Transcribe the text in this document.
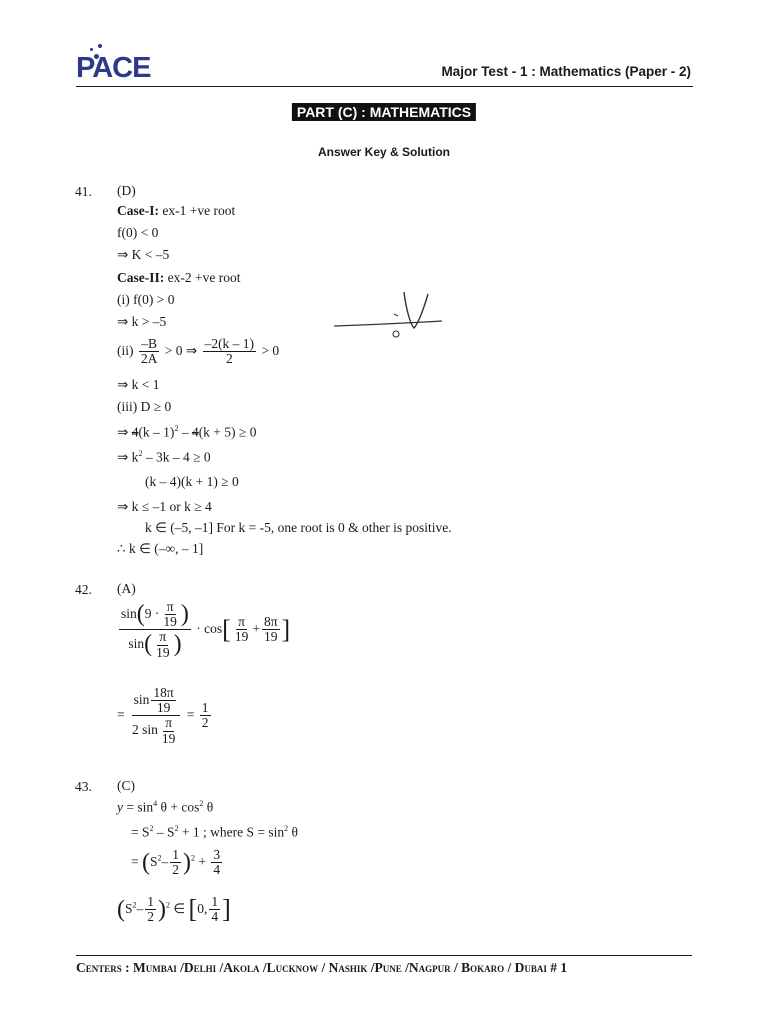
PACE	Major Test - 1 : Mathematics (Paper - 2)
PART (C) : MATHEMATICS
Answer Key & Solution
41. (D)
Case-I: ex-1 +ve root
f(0) < 0
⇒ K < –5
Case-II: ex-2 +ve root
(i) f(0) > 0
⇒ k > –5
$(ii) \frac{-B}{2A} > 0$ ⇒ $\frac{-2(k - 1)}{2} > 0$
⇒ k < 1
(iii) D ≥ 0
⇒ 4(k – 1)$^2$ – 4(k + 5) ≥ 0
⇒ $k^2 - 3k - 4 \ge 0$
(k – 4)(k + 1) ≥ 0
⇒ k ≤ –1 or k ≥ 4
k ∈ (–5, –1] For k = -5, one root is 0 & other is positive.
∴ k ∈ (–∞, – 1]
42. (A)
$\frac{\sin(9 \cdot \frac{\pi}{19} )}{\sin( \frac{\pi}{19} )} \cdot \cos[ \frac{\pi}{19} + \frac{8\pi}{19}$ ]
= $\frac{\sin \frac{18\pi}{19}}{2 \sin \frac{\pi}{19}} = \frac{1}{2}$
43. (C)
$y = \sin^4 \theta + \cos^2 \theta$
= $S^2 - S^2 + 1$ ; where $S = \sin^2 \theta$
= $(S^2- \frac{1}{2} )^2 + \frac{3}{4}$
$(S^2- \frac{1}{2} )^2$ ∈ [0, $\frac{1}{4}$ ]
Centers : Mumbai /Delhi /Akola /Lucknow / Nashik /Pune /Nagpur / Bokaro / Dubai # 1
